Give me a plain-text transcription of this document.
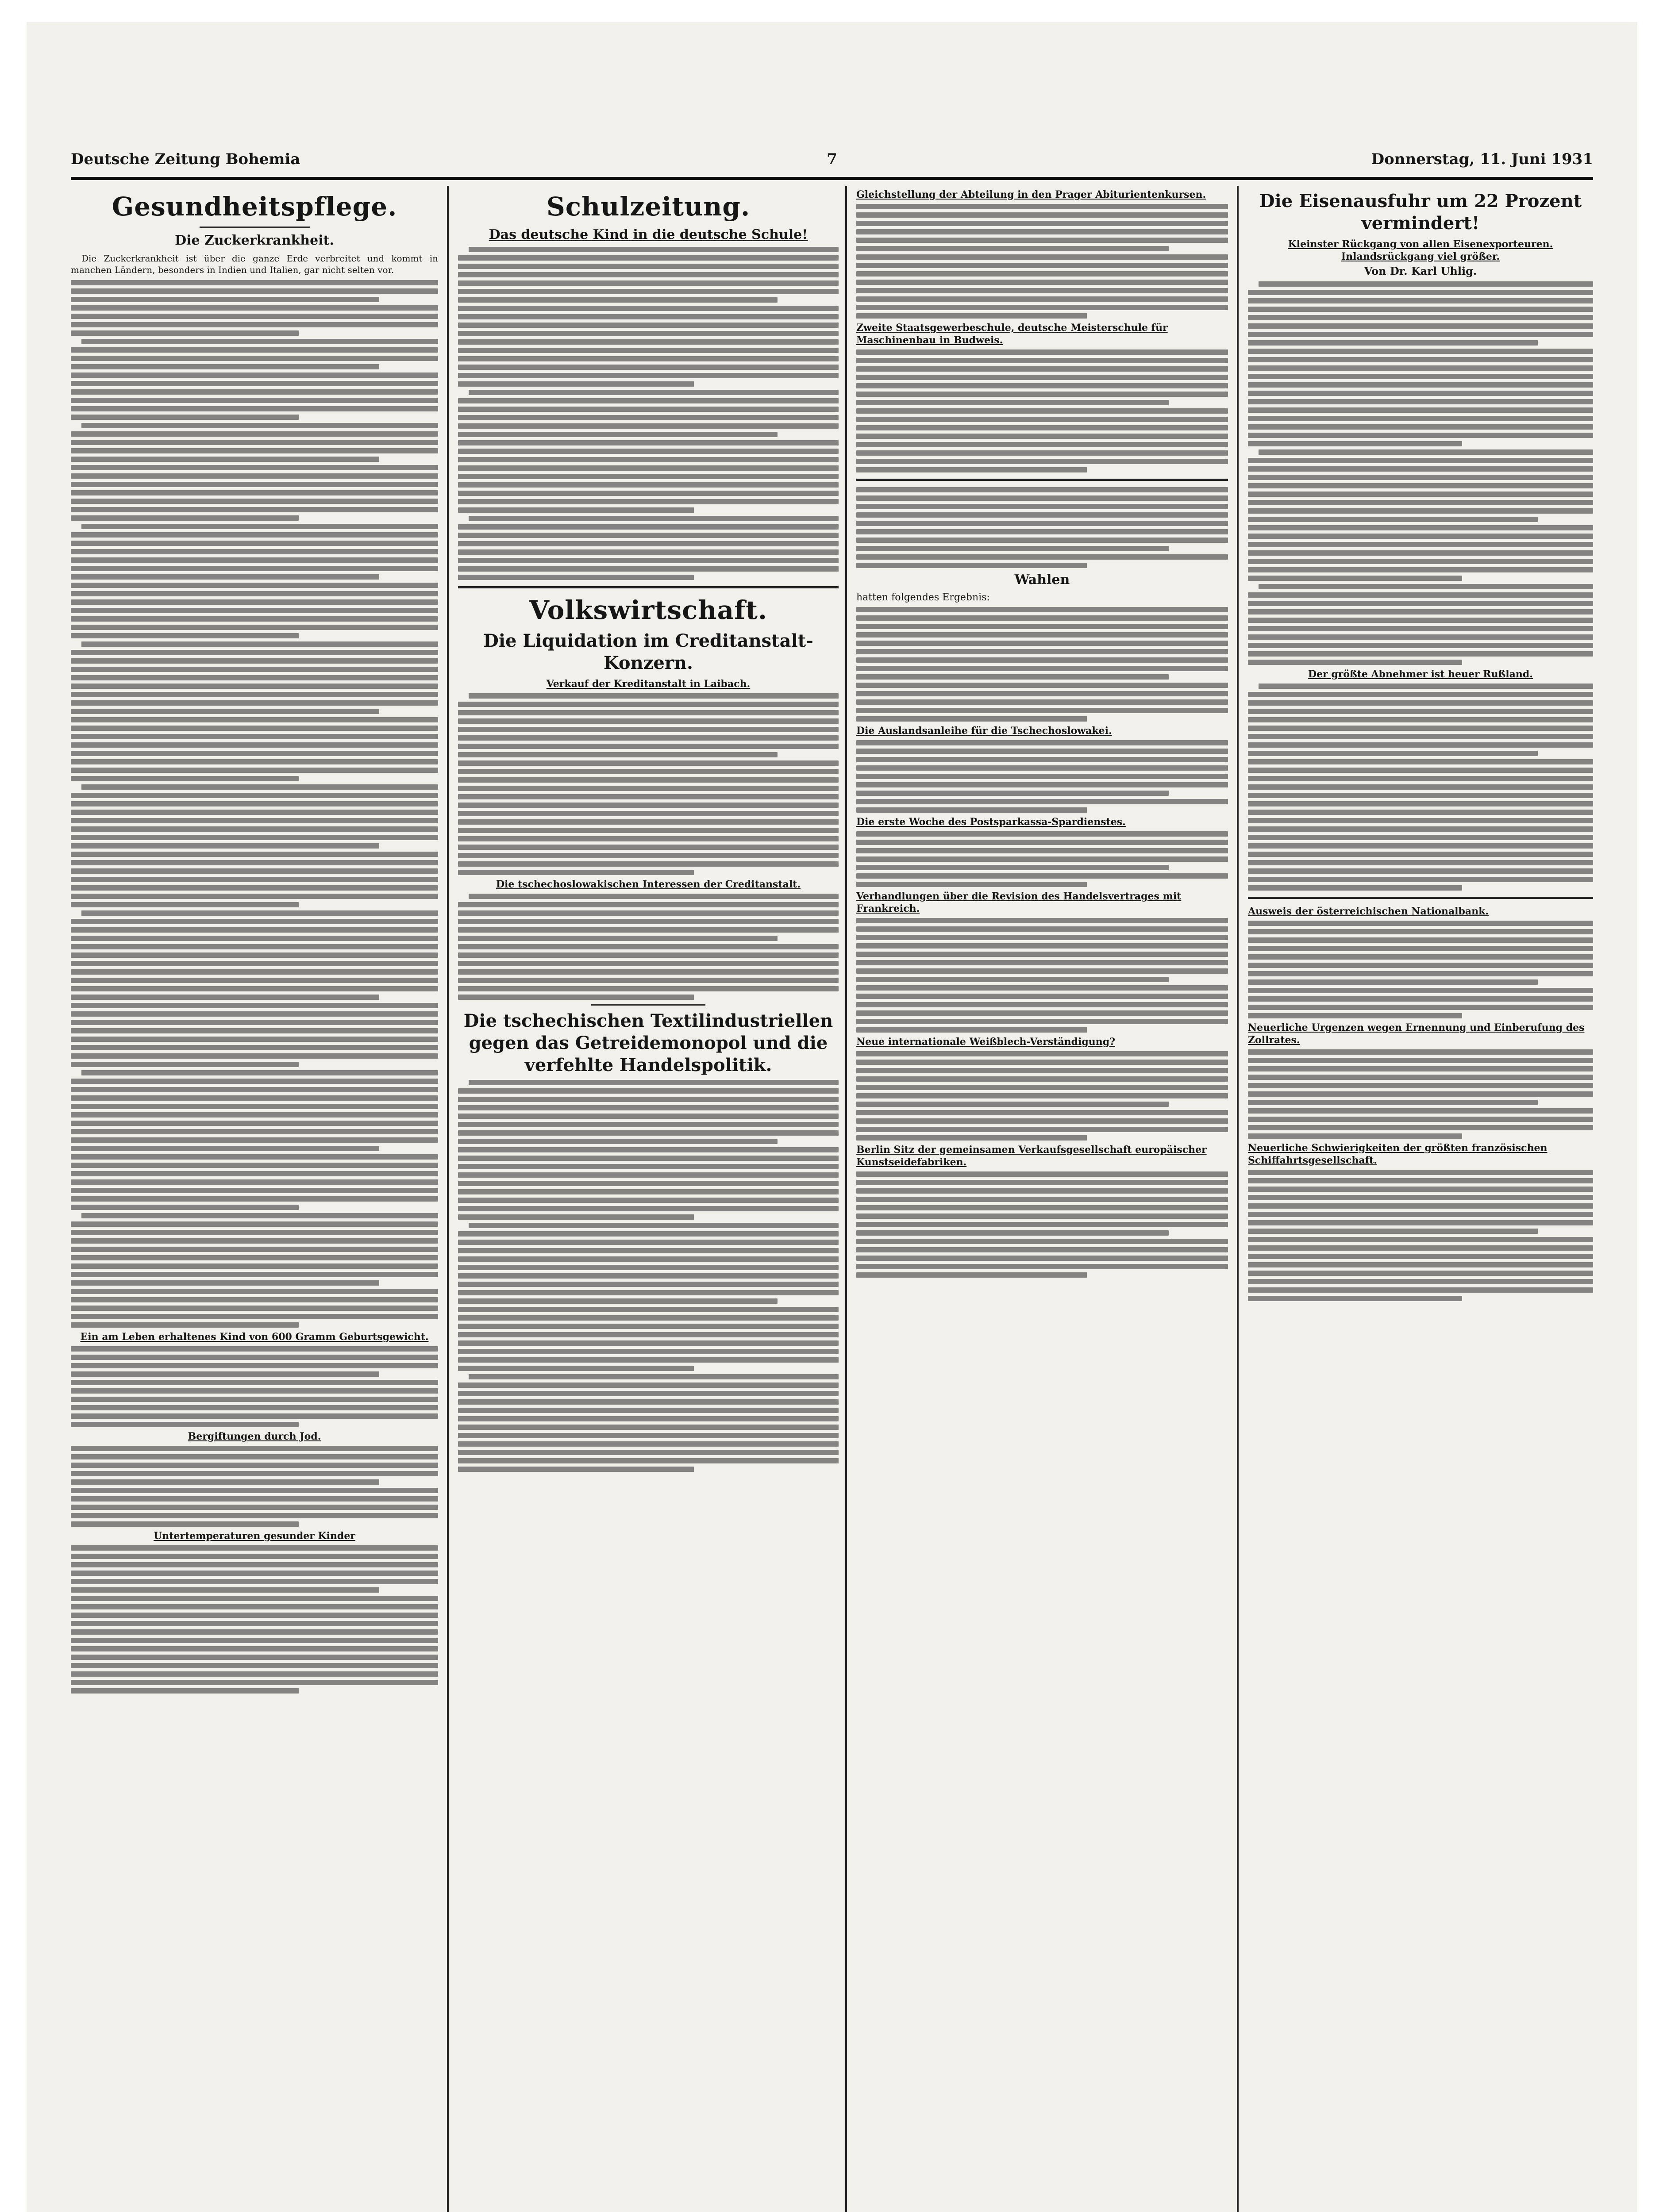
Deutsche Zeitung Bohemia	7	Donnerstag, 11. Juni 1931
Gesundheitspflege.
Die Zuckerkrankheit.

Die Zuckerkrankheit ist über die ganze Erde verbreitet und kommt in manchen Ländern, besonders in Indien und Italien, gar nicht selten vor.

Ein am Leben erhaltenes Kind von 600 Gramm Geburtsgewicht.
Bergiftungen durch Jod.
Untertemperaturen gesunder Kinder
Schulzeitung.
Das deutsche Kind in die deutsche Schule!
Volkswirtschaft.
Die Liquidation im Creditanstalt-Konzern.
Verkauf der Kreditanstalt in Laibach.
Die tschechoslowakischen Interessen der Creditanstalt.
Die tschechischen Textilindustriellen gegen das Getreidemonopol und die verfehlte Handelspolitik.
Gleichstellung der Abteilung in den Prager Abiturientenkursen.
Zweite Staatsgewerbeschule, deutsche Meisterschule für Maschinenbau in Budweis.
Wahlen
hatten folgendes Ergebnis:
Die Auslandsanleihe für die Tschechoslowakei.
Die erste Woche des Postsparkassa-Spardienstes.
Verhandlungen über die Revision des Handelsvertrages mit Frankreich.
Neue internationale Weißblech-Verständigung?
Berlin Sitz der gemeinsamen Verkaufsgesellschaft europäischer Kunstseidefabriken.
Die Eisenausfuhr um 22 Prozent vermindert!
Kleinster Rückgang von allen Eisenexporteuren. Inlandsrückgang viel größer.
Von Dr. Karl Uhlig.
Der größte Abnehmer ist heuer Rußland.
Ausweis der österreichischen Nationalbank.
Neuerliche Urgenzen wegen Ernennung und Einberufung des Zollrates.
Neuerliche Schwierigkeiten der größten französischen Schiffahrtsgesellschaft.
